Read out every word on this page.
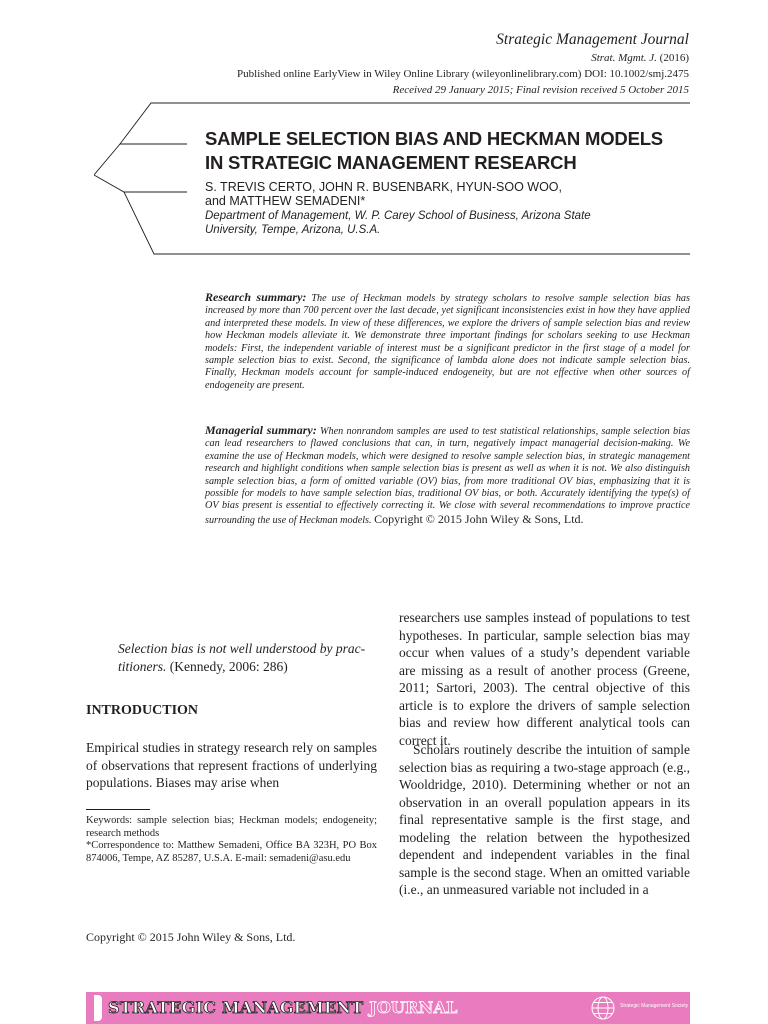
Strategic Management Journal
Strat. Mgmt. J. (2016)
Published online EarlyView in Wiley Online Library (wileyonlinelibrary.com) DOI: 10.1002/smj.2475
Received 29 January 2015; Final revision received 5 October 2015
SAMPLE SELECTION BIAS AND HECKMAN MODELS
IN STRATEGIC MANAGEMENT RESEARCH

S. TREVIS CERTO, JOHN R. BUSENBARK, HYUN-SOO WOO,
and MATTHEW SEMADENI*

Department of Management, W. P. Carey School of Business, Arizona State
University, Tempe, Arizona, U.S.A.

Research summary: The use of Heckman models by strategy scholars to resolve sample selection bias has increased by more than 700 percent over the last decade, yet significant inconsistencies exist in how they have applied and interpreted these models. In view of these differences, we explore the drivers of sample selection bias and review how Heckman models alleviate it. We demonstrate three important findings for scholars seeking to use Heckman models: First, the independent variable of interest must be a significant predictor in the first stage of a model for sample selection bias to exist. Second, the significance of lambda alone does not indicate sample selection bias. Finally, Heckman models account for sample-induced endogeneity, but are not effective when other sources of endogeneity are present.

Managerial summary: When nonrandom samples are used to test statistical relationships, sample selection bias can lead researchers to flawed conclusions that can, in turn, negatively impact managerial decision-making. We examine the use of Heckman models, which were designed to resolve sample selection bias, in strategic management research and highlight conditions when sample selection bias is present as well as when it is not. We also distinguish sample selection bias, a form of omitted variable (OV) bias, from more traditional OV bias, emphasizing that it is possible for models to have sample selection bias, traditional OV bias, or both. Accurately identifying the type(s) of OV bias present is essential to effectively correcting it. We close with several recommendations to improve practice surrounding the use of Heckman models. Copyright © 2015 John Wiley & Sons, Ltd.

Selection bias is not well understood by prac- titioners. (Kennedy, 2006: 286)
INTRODUCTION

Empirical studies in strategy research rely on samples of observations that represent fractions of underlying populations. Biases may arise when

Keywords: sample selection bias; Heckman models; endogeneity; research methods

*Correspondence to: Matthew Semadeni, Office BA 323H, PO Box 874006, Tempe, AZ 85287, U.S.A. E-mail: semadeni@asu.edu

researchers use samples instead of populations to test hypotheses. In particular, sample selection bias may occur when values of a study’s dependent variable are missing as a result of another process (Greene, 2011; Sartori, 2003). The central objective of this article is to explore the drivers of sample selection bias and review how different analytical tools can correct it.

Scholars routinely describe the intuition of sample selection bias as requiring a two-stage approach (e.g., Wooldridge, 2010). Determining whether or not an observation in an overall population appears in its final representative sample is the first stage, and modeling the relation between the hypothesized dependent and independent variables in the final sample is the second stage. When an omitted variable (i.e., an unmeasured variable not included in a

Copyright © 2015 John Wiley & Sons, Ltd.
STRATEGIC MANAGEMENT JOURNAL	Strategic Management Society
